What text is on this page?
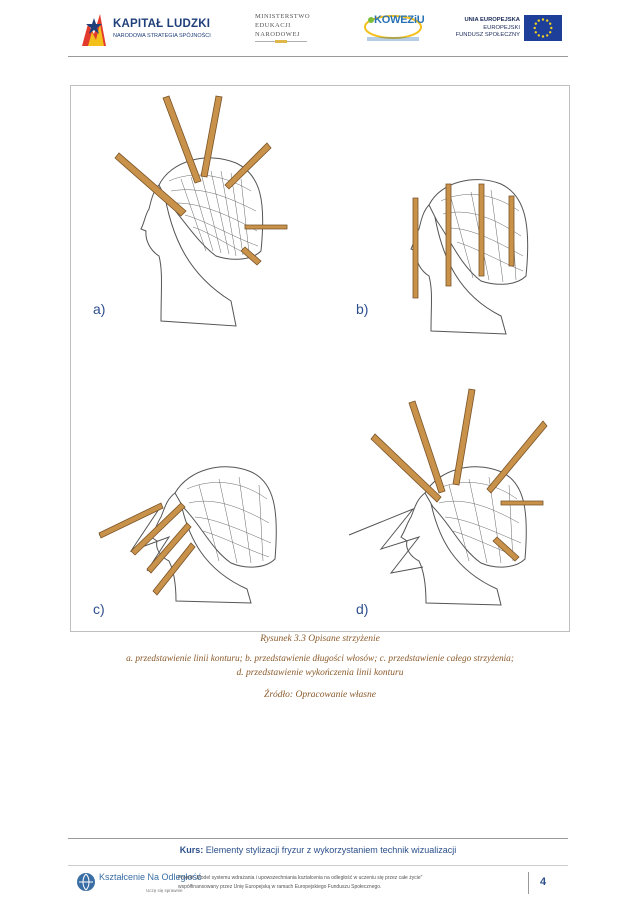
KAPITAŁ LUDZKI
NARODOWA STRATEGIA SPÓJNOŚCI
MINISTERSTWO
EDUKACJI
NARODOWEJ
KOWEZiU	UNIA EUROPEJSKA
EUROPEJSKI
FUNDUSZ SPOŁECZNY
a)	b)
c)	d)
Rysunek 3.3 Opisane strzyżenie
a. przedstawienie linii konturu; b. przedstawienie długości włosów; c. przedstawienie całego strzyżenia;
d. przedstawienie wykończenia linii konturu
Źródło: Opracowanie własne
Kurs: Elementy stylizacji fryzur z wykorzystaniem technik wizualizacji
Kształcenie Na Odległość
Uczę się sprawnie
Projekt „Model systemu wdrażania i upowszechniania kształcenia na odległość w uczeniu się przez całe życie"
współfinansowany przez Unię Europejską w ramach Europejskiego Funduszu Społecznego.	4
